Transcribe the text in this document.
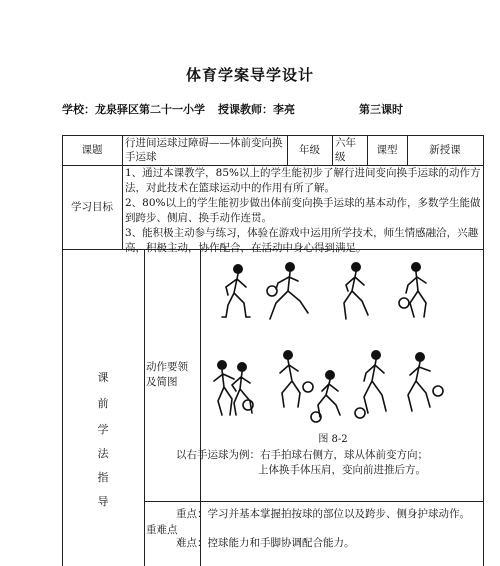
体育学案导学设计
学校：龙泉驿区第二十一小学 授课教师：李亮	第三课时
课题
行进间运球过障碍——体前变向换手运球
年级
六年级
课型	新授课
学习目标
1、通过本课教学，85%以上的学生能初步了解行进间变向换手运球的动作方法，对此技术在篮球运动中的作用有所了解。
2、80%以上的学生能初步做出体前变向换手运球的基本动作，多数学生能做到跨步、侧肩、换手动作连贯。
3、能积极主动参与练习，体验在游戏中运用所学技术，师生情感融洽，兴趣高，积极主动，协作配合，在活动中身心得到满足。
课
前
学
法
指
导
动作要领及简图
图 8-2
以右手运球为例：右手拍球右侧方，球从体前变方向；
上体换手体压肩，变向前进推后方。
重难点
重点：学习并基本掌握拍按球的部位以及跨步、侧身护球动作。
难点：控球能力和手脚协调配合能力。
